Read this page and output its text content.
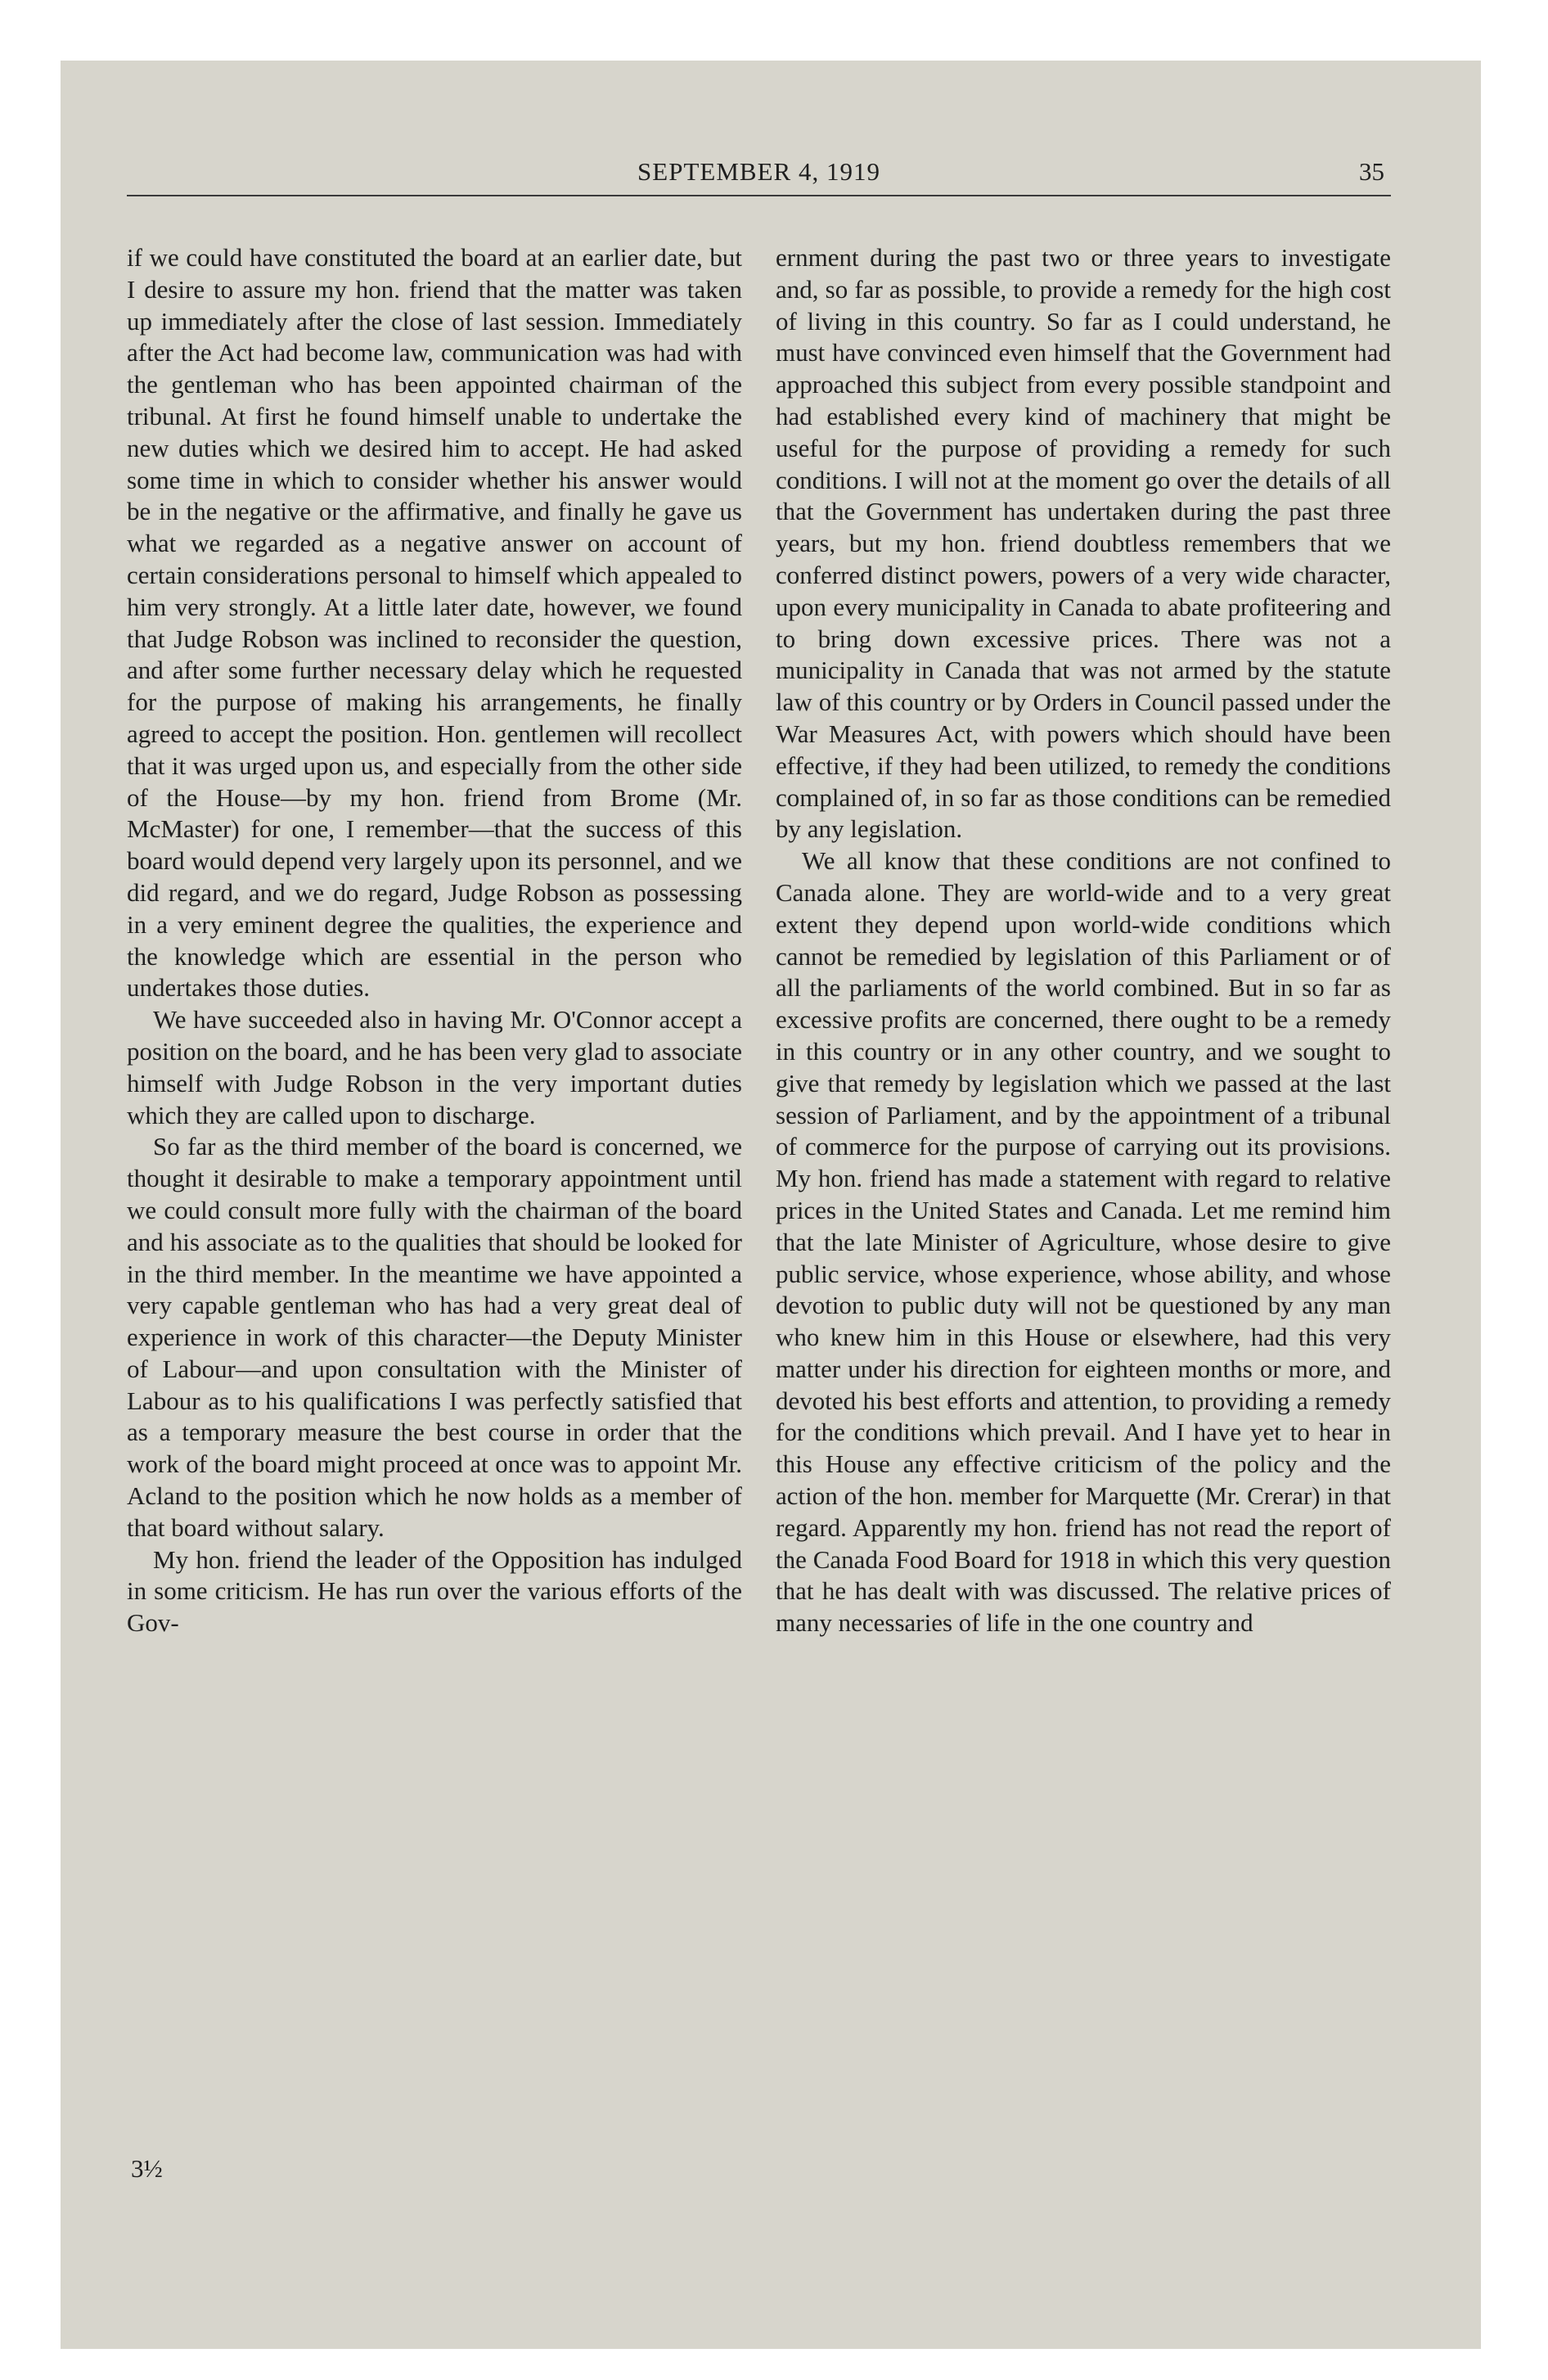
SEPTEMBER 4, 1919	35

if we could have constituted the board at an earlier date, but I desire to assure my hon. friend that the matter was taken up immediately after the close of last session. Immediately after the Act had become law, communication was had with the gentleman who has been appointed chairman of the tribunal. At first he found himself unable to undertake the new duties which we desired him to accept. He had asked some time in which to consider whether his answer would be in the negative or the affirmative, and finally he gave us what we regarded as a negative answer on account of certain considerations personal to himself which appealed to him very strongly. At a little later date, however, we found that Judge Robson was inclined to reconsider the question, and after some further necessary delay which he requested for the purpose of making his arrangements, he finally agreed to accept the position. Hon. gentlemen will recollect that it was urged upon us, and especially from the other side of the House—by my hon. friend from Brome (Mr. McMaster) for one, I remember—that the success of this board would depend very largely upon its personnel, and we did regard, and we do regard, Judge Robson as possessing in a very eminent degree the qualities, the experience and the knowledge which are essential in the person who undertakes those duties.

We have succeeded also in having Mr. O'Connor accept a position on the board, and he has been very glad to associate himself with Judge Robson in the very important duties which they are called upon to discharge.

So far as the third member of the board is concerned, we thought it desirable to make a temporary appointment until we could consult more fully with the chairman of the board and his associate as to the qualities that should be looked for in the third member. In the meantime we have appointed a very capable gentleman who has had a very great deal of experience in work of this character—the Deputy Minister of Labour—and upon consultation with the Minister of Labour as to his qualifications I was perfectly satisfied that as a temporary measure the best course in order that the work of the board might proceed at once was to appoint Mr. Acland to the position which he now holds as a member of that board without salary.

My hon. friend the leader of the Opposition has indulged in some criticism. He has run over the various efforts of the Gov-

ernment during the past two or three years to investigate and, so far as possible, to provide a remedy for the high cost of living in this country. So far as I could understand, he must have convinced even himself that the Government had approached this subject from every possible standpoint and had established every kind of machinery that might be useful for the purpose of providing a remedy for such conditions. I will not at the moment go over the details of all that the Government has undertaken during the past three years, but my hon. friend doubtless remembers that we conferred distinct powers, powers of a very wide character, upon every municipality in Canada to abate profiteering and to bring down excessive prices. There was not a municipality in Canada that was not armed by the statute law of this country or by Orders in Council passed under the War Measures Act, with powers which should have been effective, if they had been utilized, to remedy the conditions complained of, in so far as those conditions can be remedied by any legislation.

We all know that these conditions are not confined to Canada alone. They are world-wide and to a very great extent they depend upon world-wide conditions which cannot be remedied by legislation of this Parliament or of all the parliaments of the world combined. But in so far as excessive profits are concerned, there ought to be a remedy in this country or in any other country, and we sought to give that remedy by legislation which we passed at the last session of Parliament, and by the appointment of a tribunal of commerce for the purpose of carrying out its provisions. My hon. friend has made a statement with regard to relative prices in the United States and Canada. Let me remind him that the late Minister of Agriculture, whose desire to give public service, whose experience, whose ability, and whose devotion to public duty will not be questioned by any man who knew him in this House or elsewhere, had this very matter under his direction for eighteen months or more, and devoted his best efforts and attention, to providing a remedy for the conditions which prevail. And I have yet to hear in this House any effective criticism of the policy and the action of the hon. member for Marquette (Mr. Crerar) in that regard. Apparently my hon. friend has not read the report of the Canada Food Board for 1918 in which this very question that he has dealt with was discussed. The relative prices of many necessaries of life in the one country and

3½
